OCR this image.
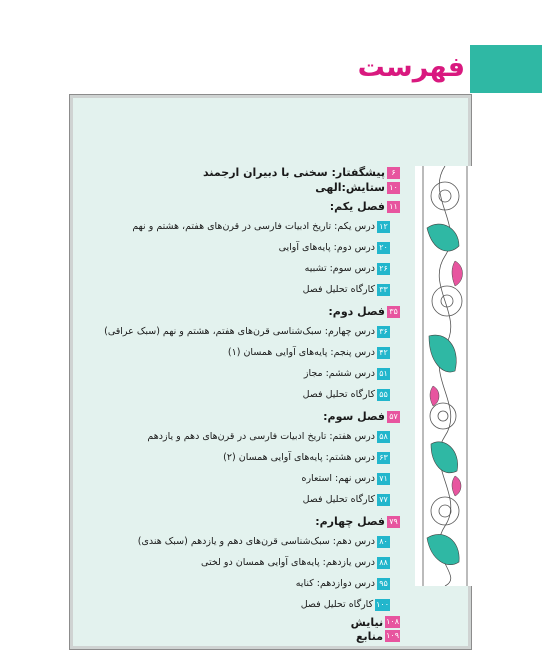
فهرست
۶
پیشگفتار: سخنی با دبیران ارجمند
۱۰
ستایش:الهی
۱۱
فصل یکم:
۱۲
درس یکم: تاریخ ادبیات فارسی در قرن‌های هفتم، هشتم و نهم
۲۰
درس دوم: پایه‌های آوایی
۲۶
درس سوم: تشبیه
۳۳
کارگاه تحلیل فصل
۳۵
فصل دوم:
۳۶
درس چهارم: سبک‌شناسی قرن‌های هفتم، هشتم و نهم (سبک عراقی)
۴۲
درس پنجم: پایه‌های آوایی همسان (۱)
۵۱
درس ششم: مجاز
۵۵
کارگاه تحلیل فصل
۵۷
فصل سوم:
۵۸
درس هفتم: تاریخ ادبیات فارسی در قرن‌های دهم و یازدهم
۶۳
درس هشتم: پایه‌های آوایی همسان (۲)
۷۱
درس نهم: استعاره
۷۷
کارگاه تحلیل فصل
۷۹
فصل چهارم:
۸۰
درس دهم: سبک‌شناسی قرن‌های دهم و یازدهم (سبک هندی)
۸۸
درس یازدهم: پایه‌های آوایی همسان دو لختی
۹۵
درس دوازدهم: کنایه
۱۰۰
کارگاه تحلیل فصل
۱۰۸
نیایش
۱۰۹
منابع
